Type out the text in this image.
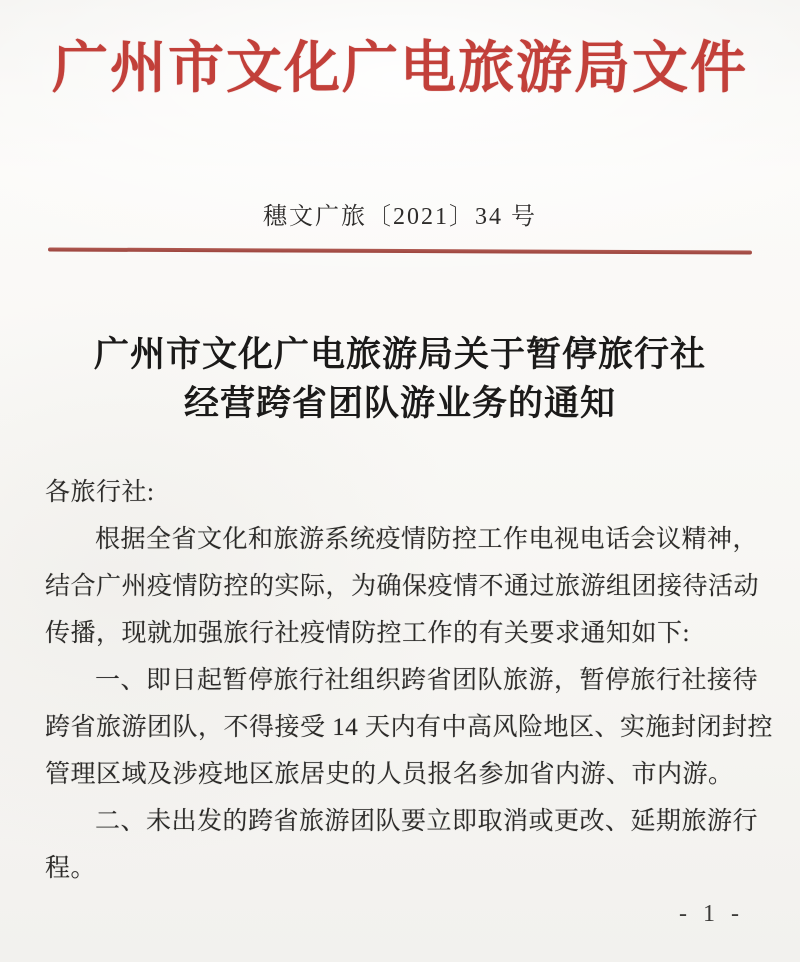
广州市文化广电旅游局文件
穗文广旅〔2021〕34 号
广州市文化广电旅游局关于暂停旅行社
经营跨省团队游业务的通知
各旅行社:
根据全省文化和旅游系统疫情防控工作电视电话会议精神，
结合广州疫情防控的实际，为确保疫情不通过旅游组团接待活动
传播，现就加强旅行社疫情防控工作的有关要求通知如下:
一、即日起暂停旅行社组织跨省团队旅游，暂停旅行社接待
跨省旅游团队，不得接受 14 天内有中高风险地区、实施封闭封控
管理区域及涉疫地区旅居史的人员报名参加省内游、市内游。
二、未出发的跨省旅游团队要立即取消或更改、延期旅游行
程。
- 1 -
